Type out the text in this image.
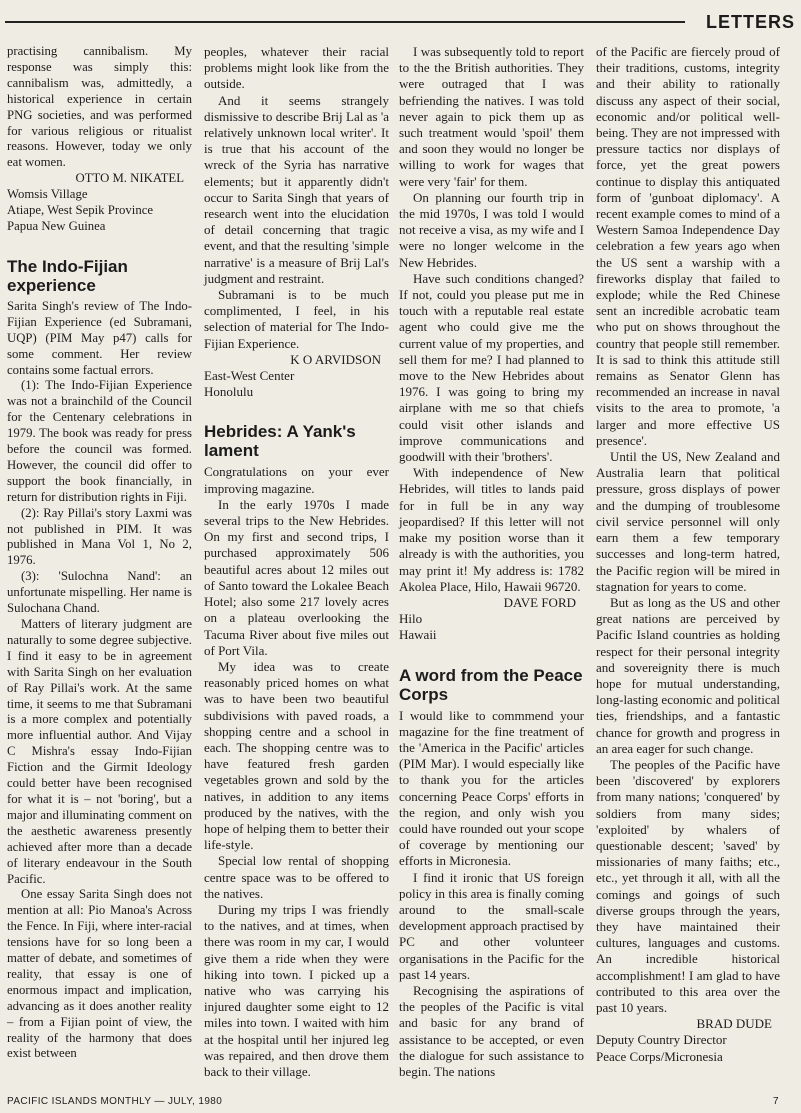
LETTERS

practising cannibalism. My response was simply this: cannibalism was, admittedly, a historical experience in certain PNG societies, and was performed for various religious or ritualist reasons. However, today we only eat women.

OTTO M. NIKATEL

Womsis Village
Atiape, West Sepik Province
Papua New Guinea
The Indo-Fijian experience

Sarita Singh's review of The Indo-Fijian Experience (ed Subramani, UQP) (PIM May p47) calls for some comment. Her review contains some factual errors.

(1): The Indo-Fijian Experience was not a brainchild of the Council for the Centenary celebrations in 1979. The book was ready for press before the council was formed. However, the council did offer to support the book financially, in return for distribution rights in Fiji.

(2): Ray Pillai's story Laxmi was not published in PIM. It was published in Mana Vol 1, No 2, 1976.

(3): 'Sulochna Nand': an unfortunate mispelling. Her name is Sulochana Chand.

Matters of literary judgment are naturally to some degree subjective. I find it easy to be in agreement with Sarita Singh on her evaluation of Ray Pillai's work. At the same time, it seems to me that Subramani is a more complex and potentially more influential author. And Vijay C Mishra's essay Indo-Fijian Fiction and the Girmit Ideology could better have been recognised for what it is – not 'boring', but a major and illuminating comment on the aesthetic awareness presently achieved after more than a decade of literary endeavour in the South Pacific.

One essay Sarita Singh does not mention at all: Pio Manoa's Across the Fence. In Fiji, where inter-racial tensions have for so long been a matter of debate, and sometimes of reality, that essay is one of enormous impact and implication, advancing as it does another reality – from a Fijian point of view, the reality of the harmony that does exist between

peoples, whatever their racial problems might look like from the outside.

And it seems strangely dismissive to describe Brij Lal as 'a relatively unknown local writer'. It is true that his account of the wreck of the Syria has narrative elements; but it apparently didn't occur to Sarita Singh that years of research went into the elucidation of detail concerning that tragic event, and that the resulting 'simple narrative' is a measure of Brij Lal's judgment and restraint.

Subramani is to be much complimented, I feel, in his selection of material for The Indo-Fijian Experience.

K O ARVIDSON

East-West Center
Honolulu
Hebrides: A Yank's lament

Congratulations on your ever improving magazine.

In the early 1970s I made several trips to the New Hebrides. On my first and second trips, I purchased approximately 506 beautiful acres about 12 miles out of Santo toward the Lokalee Beach Hotel; also some 217 lovely acres on a plateau overlooking the Tacuma River about five miles out of Port Vila.

My idea was to create reasonably priced homes on what was to have been two beautiful subdivisions with paved roads, a shopping centre and a school in each. The shopping centre was to have featured fresh garden vegetables grown and sold by the natives, in addition to any items produced by the natives, with the hope of helping them to better their life-style.

Special low rental of shopping centre space was to be offered to the natives.

During my trips I was friendly to the natives, and at times, when there was room in my car, I would give them a ride when they were hiking into town. I picked up a native who was carrying his injured daughter some eight to 12 miles into town. I waited with him at the hospital until her injured leg was repaired, and then drove them back to their village.

I was subsequently told to report to the the British authorities. They were outraged that I was befriending the natives. I was told never again to pick them up as such treatment would 'spoil' them and soon they would no longer be willing to work for wages that were very 'fair' for them.

On planning our fourth trip in the mid 1970s, I was told I would not receive a visa, as my wife and I were no longer welcome in the New Hebrides.

Have such conditions changed? If not, could you please put me in touch with a reputable real estate agent who could give me the current value of my properties, and sell them for me? I had planned to move to the New Hebrides about 1976. I was going to bring my airplane with me so that chiefs could visit other islands and improve communications and goodwill with their 'brothers'.

With independence of New Hebrides, will titles to lands paid for in full be in any way jeopardised? If this letter will not make my position worse than it already is with the authorities, you may print it! My address is: 1782 Akolea Place, Hilo, Hawaii 96720.

DAVE FORD

Hilo
Hawaii
A word from the Peace Corps

I would like to commmend your magazine for the fine treatment of the 'America in the Pacific' articles (PIM Mar). I would especially like to thank you for the articles concerning Peace Corps' efforts in the region, and only wish you could have rounded out your scope of coverage by mentioning our efforts in Micronesia.

I find it ironic that US foreign policy in this area is finally coming around to the small-scale development approach practised by PC and other volunteer organisations in the Pacific for the past 14 years.

Recognising the aspirations of the peoples of the Pacific is vital and basic for any brand of assistance to be accepted, or even the dialogue for such assistance to begin. The nations

of the Pacific are fiercely proud of their traditions, customs, integrity and their ability to rationally discuss any aspect of their social, economic and/or political well-being. They are not impressed with pressure tactics nor displays of force, yet the great powers continue to display this antiquated form of 'gunboat diplomacy'. A recent example comes to mind of a Western Samoa Independence Day celebration a few years ago when the US sent a warship with a fireworks display that failed to explode; while the Red Chinese sent an incredible acrobatic team who put on shows throughout the country that people still remember. It is sad to think this attitude still remains as Senator Glenn has recommended an increase in naval visits to the area to promote, 'a larger and more effective US presence'.

Until the US, New Zealand and Australia learn that political pressure, gross displays of power and the dumping of troublesome civil service personnel will only earn them a few temporary successes and long-term hatred, the Pacific region will be mired in stagnation for years to come.

But as long as the US and other great nations are perceived by Pacific Island countries as holding respect for their personal integrity and sovereignity there is much hope for mutual understanding, long-lasting economic and political ties, friendships, and a fantastic chance for growth and progress in an area eager for such change.

The peoples of the Pacific have been 'discovered' by explorers from many nations; 'conquered' by soldiers from many sides; 'exploited' by whalers of questionable descent; 'saved' by missionaries of many faiths; etc., etc., yet through it all, with all the comings and goings of such diverse groups through the years, they have maintained their cultures, languages and customs. An incredible historical accomplishment! I am glad to have contributed to this area over the past 10 years.

BRAD DUDE

Deputy Country Director
Peace Corps/Micronesia
PACIFIC ISLANDS MONTHLY — JULY, 1980	7
